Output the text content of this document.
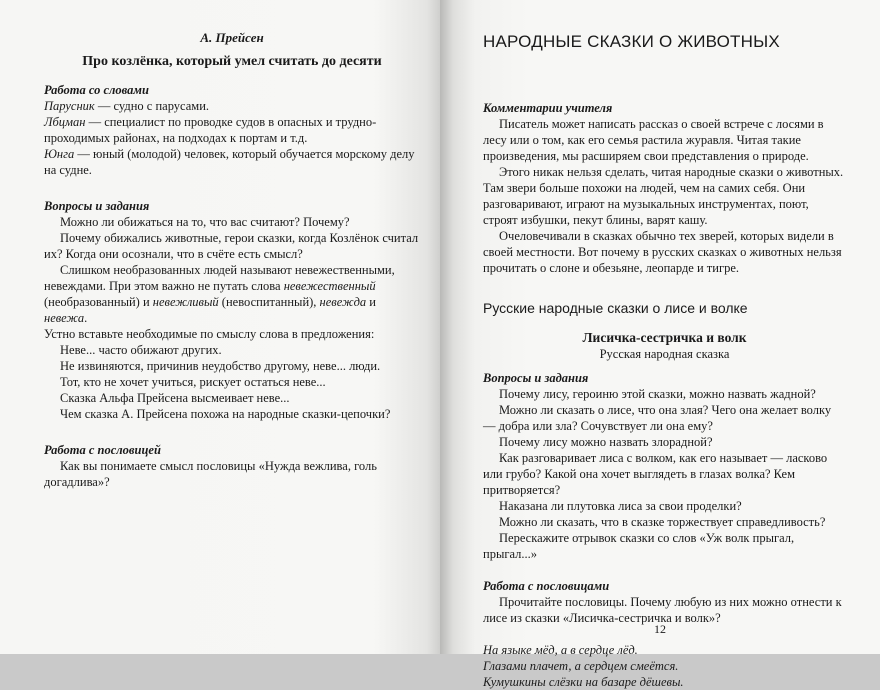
А. Прейсен
Про козлёнка, который умел считать до десяти
Работа со словами

Парусник — судно с парусами.

Лбцман — специалист по проводке судов в опасных и труднопроходимых районах, на подходах к портам и т.д.

Юнга — юный (молодой) человек, который обучается морскому делу на судне.

Вопросы и задания

Можно ли обижаться на то, что вас считают? Почему?

Почему обижались животные, герои сказки, когда Козлёнок считал их? Когда они осознали, что в счёте есть смысл?

Слишком необразованных людей называют невежественными, невеждами. При этом важно не путать слова невежественный (необразованный) и невежливый (невоспитанный), невежда и невежа.

Устно вставьте необходимые по смыслу слова в предложения:

Неве... часто обижают других.

Не извиняются, причинив неудобство другому, неве... люди.

Тот, кто не хочет учиться, рискует остаться неве...

Сказка Альфа Прейсена высмеивает неве...

Чем сказка А. Прейсена похожа на народные сказки-цепочки?

Работа с пословицей

Как вы понимаете смысл пословицы «Нужда вежлива, голь догадлива»?

НАРОДНЫЕ СКАЗКИ О ЖИВОТНЫХ
Комментарии учителя

Писатель может написать рассказ о своей встрече с лосями в лесу или о том, как его семья растила журавля. Читая такие произведения, мы расширяем свои представления о природе.

Этого никак нельзя сделать, читая народные сказки о животных. Там звери больше похожи на людей, чем на самих себя. Они разговаривают, играют на музыкальных инструментах, поют, строят избушки, пекут блины, варят кашу.

Очеловечивали в сказках обычно тех зверей, которых видели в своей местности. Вот почему в русских сказках о животных нельзя прочитать о слоне и обезьяне, леопарде и тигре.

Русские народные сказки о лисе и волке
Лисичка-сестричка и волк
Русская народная сказка
Вопросы и задания

Почему лису, героиню этой сказки, можно назвать жадной?

Можно ли сказать о лисе, что она злая? Чего она желает волку — добра или зла? Сочувствует ли она ему?

Почему лису можно назвать злорадной?

Как разговаривает лиса с волком, как его называет — ласково или грубо? Какой она хочет выглядеть в глазах волка? Кем притворяется?

Наказана ли плутовка лиса за свои проделки?

Можно ли сказать, что в сказке торжествует справедливость?

Перескажите отрывок сказки со слов «Уж волк прыгал, прыгал...»

Работа с пословицами

Прочитайте пословицы. Почему любую из них можно отнести к лисе из сказки «Лисичка-сестричка и волк»?

На языке мёд, а в сердце лёд.

Глазами плачет, а сердцем смеётся.

Кумушкины слёзки на базаре дёшевы.

12
